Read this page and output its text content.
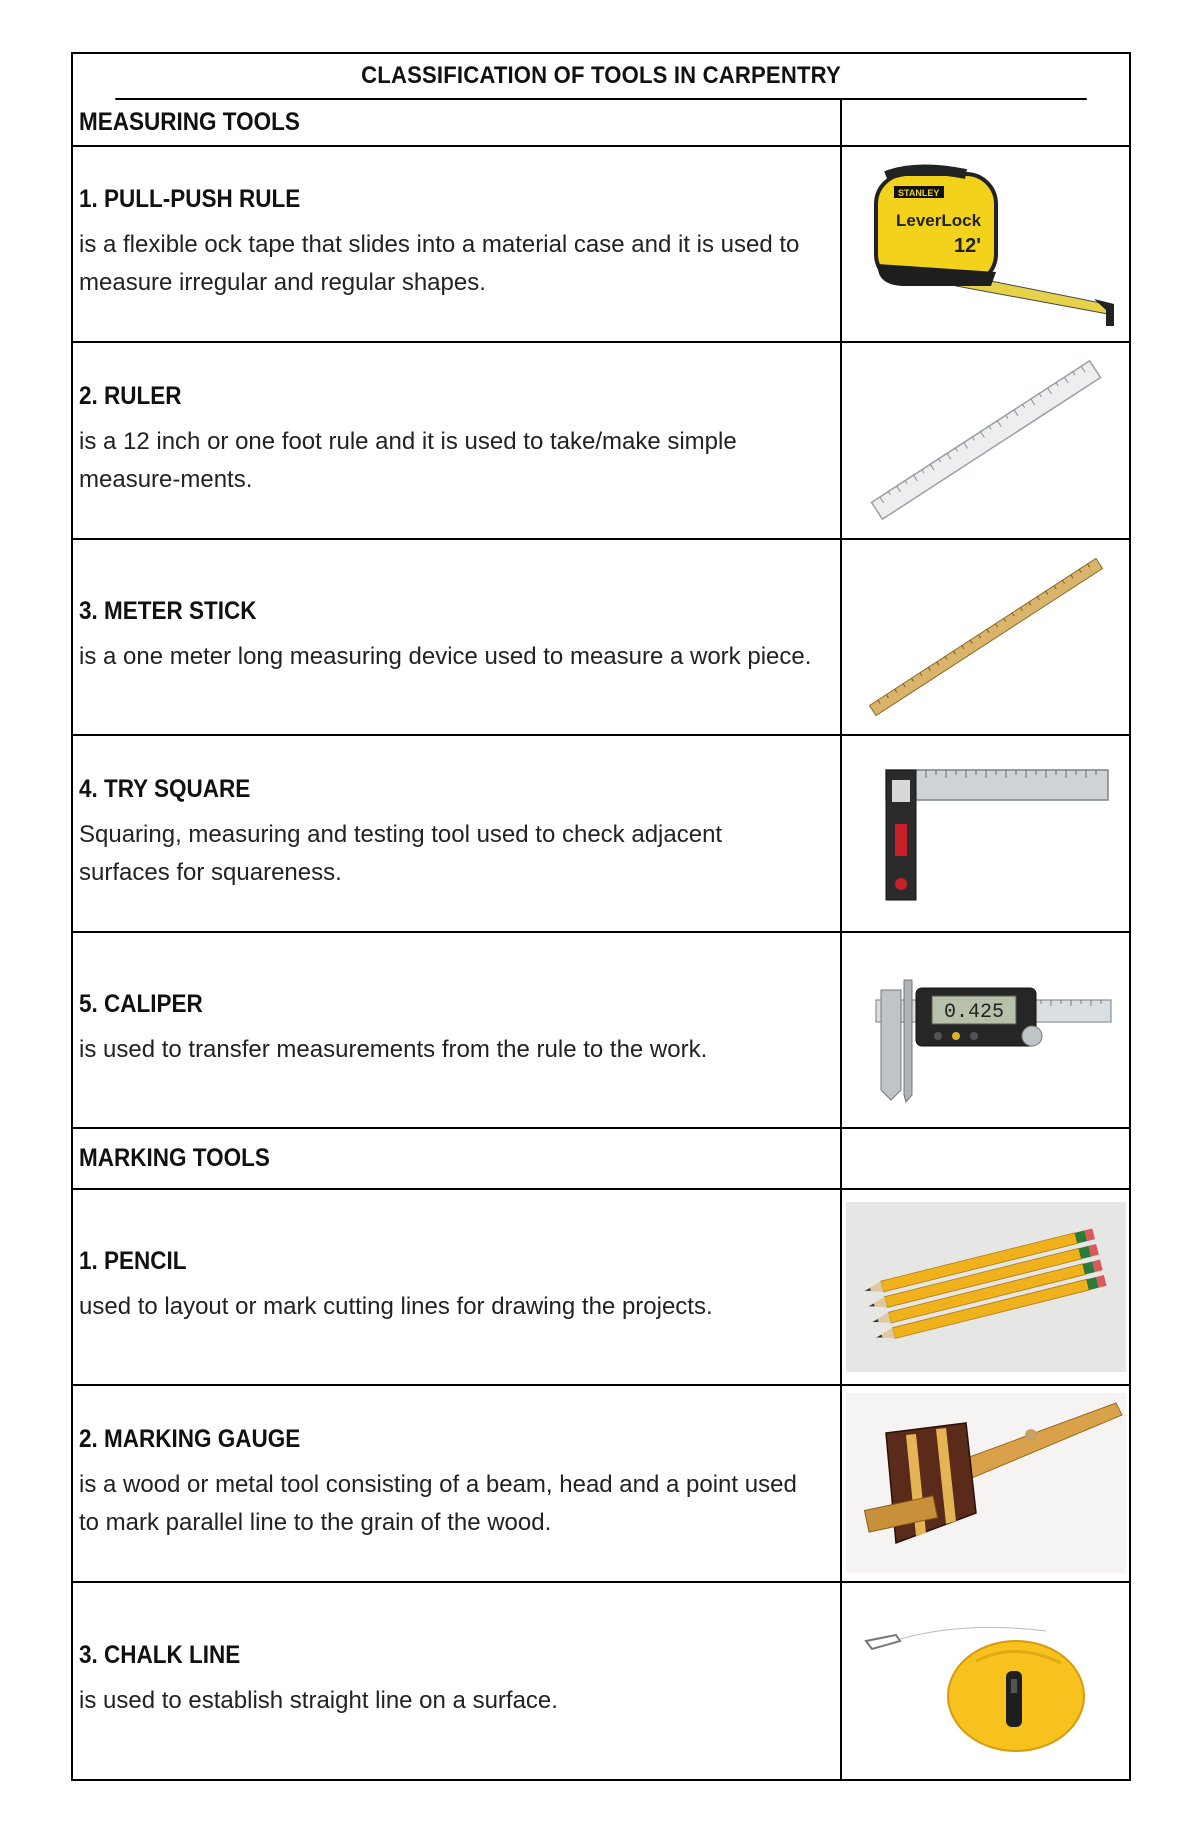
CLASSIFICATION OF TOOLS IN CARPENTRY
MEASURING TOOLS
1. PULL-PUSH RULE
is a flexible ock tape that slides into a material case and it is used to measure irregular and regular shapes.
STANLEY
LeverLock
12'
2. RULER
is a 12 inch or one foot rule and it is used to take/make simple measure-ments.
3. METER STICK
is a one meter long measuring device used to measure a work piece.
4. TRY SQUARE
Squaring, measuring and testing tool used to check adjacent surfaces for squareness.
5. CALIPER
is used to transfer measurements from the rule to the work.
0.425
MARKING TOOLS
1. PENCIL
used to layout or mark cutting lines for drawing the projects.
2. MARKING GAUGE
is a wood or metal tool consisting of a beam, head and a point used to mark parallel line to the grain of the wood.
3. CHALK LINE
is used to establish straight line on a surface.
